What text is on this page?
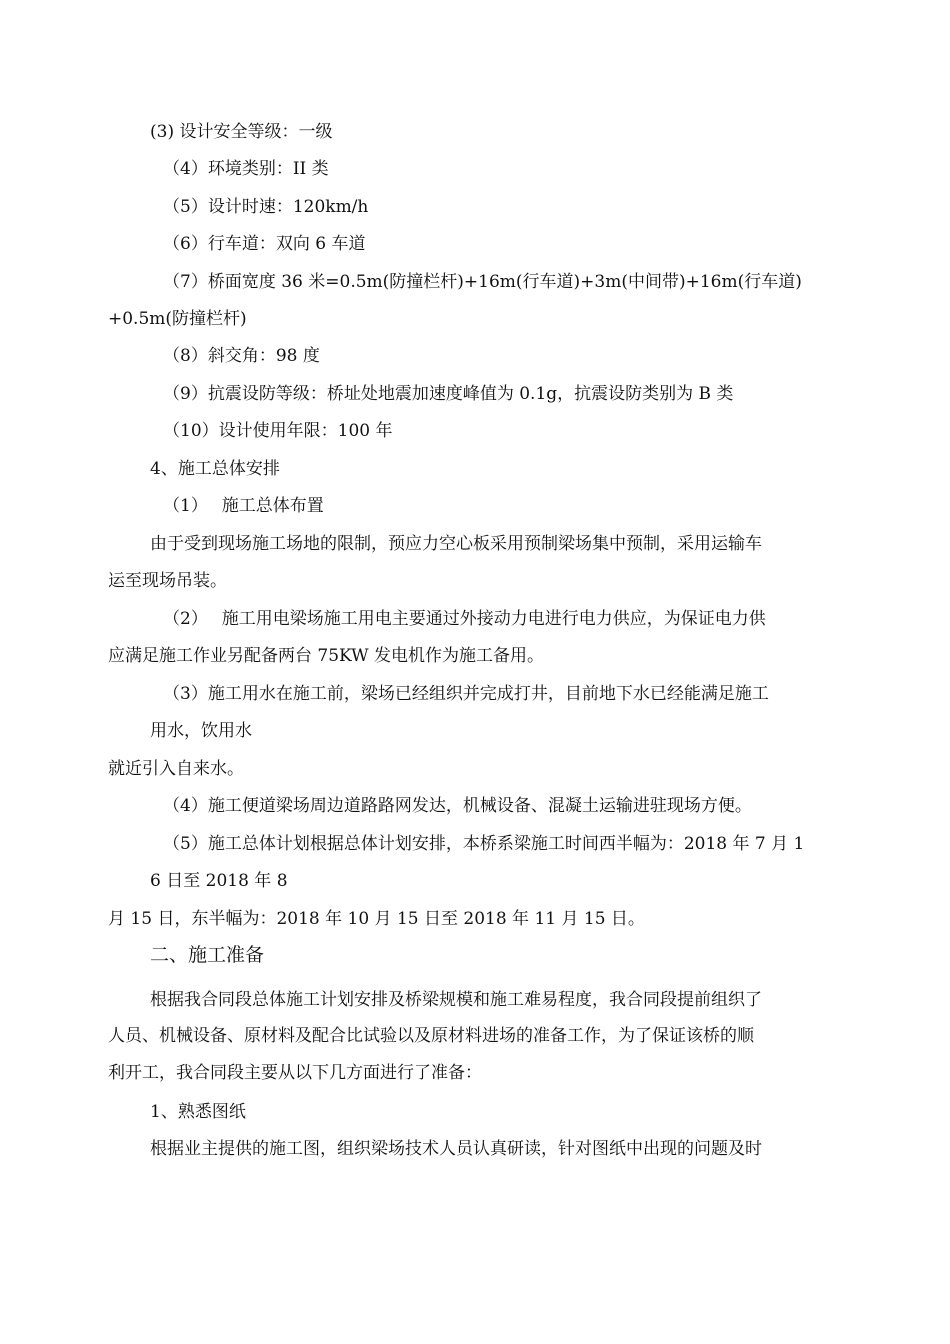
(3) 设计安全等级：一级
（4）环境类别：II 类
（5）设计时速：120km/h
（6）行车道：双向 6 车道
（7）桥面宽度 36 米=0.5m(防撞栏杆)+16m(行车道)+3m(中间带)+16m(行车道)
+0.5m(防撞栏杆)
（8）斜交角：98 度
（9）抗震设防等级：桥址处地震加速度峰值为 0.1g，抗震设防类别为 B 类
（10）设计使用年限：100 年
4、施工总体安排
（1）　 施工总体布置
由于受到现场施工场地的限制，预应力空心板采用预制梁场集中预制，采用运输车
运至现场吊装。
（2）　 施工用电梁场施工用电主要通过外接动力电进行电力供应，为保证电力供
应满足施工作业另配备两台 75KW 发电机作为施工备用。
（3）施工用水在施工前，梁场已经组织并完成打井，目前地下水已经能满足施工
用水，饮用水
就近引入自来水。
（4）施工便道梁场周边道路路网发达，机械设备、混凝土运输进驻现场方便。
（5）施工总体计划根据总体计划安排，本桥系梁施工时间西半幅为：2018 年 7 月 1
6 日至 2018 年 8
月 15 日，东半幅为：2018 年 10 月 15 日至 2018 年 11 月 15 日。
二、施工准备
根据我合同段总体施工计划安排及桥梁规模和施工难易程度，我合同段提前组织了
人员、机械设备、原材料及配合比试验以及原材料进场的准备工作，为了保证该桥的顺
利开工，我合同段主要从以下几方面进行了准备：
1、熟悉图纸
根据业主提供的施工图，组织梁场技术人员认真研读，针对图纸中出现的问题及时
